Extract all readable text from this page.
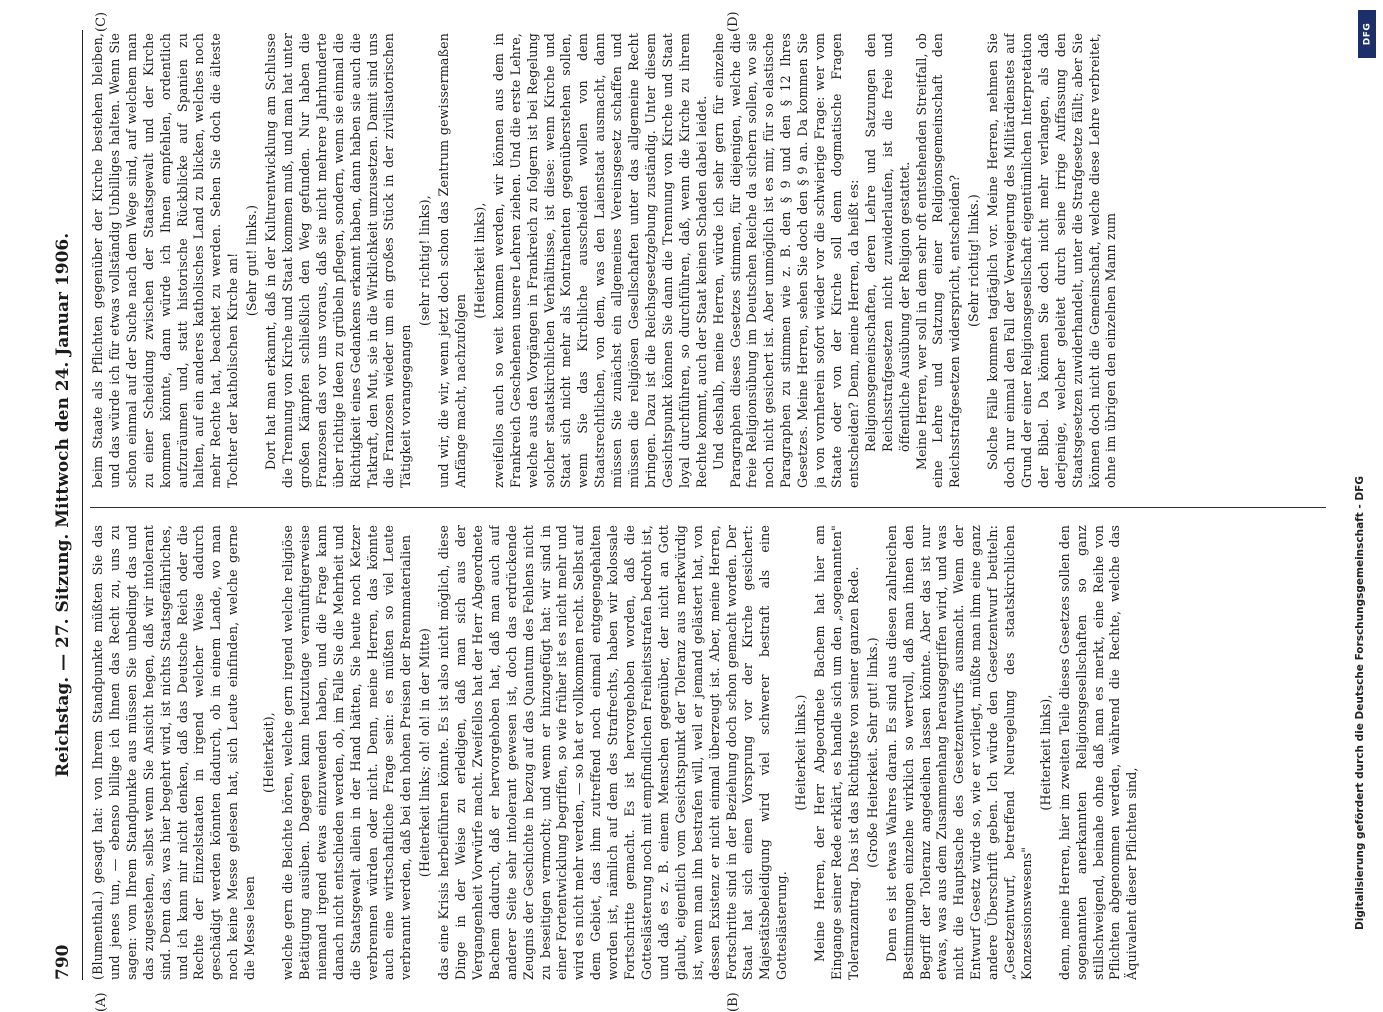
DFG
Digitalisierung gefördert durch die Deutsche Forschungsgemeinschaft - DFG
790
Reichstag. — 27. Sitzung. Mittwoch den 24. Januar 1906.
(A)	(B)
(C)	(D)

(Blumenthal.) gesagt hat: von Ihrem Standpunkte müßten Sie das und jenes tun, — ebenso billige ich Ihnen das Recht zu, uns zu sagen: vom Ihrem Standpunkte aus müssen Sie unbedingt das und das zugestehen, selbst wenn Sie Ansicht hegen, daß wir intolerant sind. Denn das, was hier begehrt wird, ist nichts Staatsgefährliches, und ich kann mir nicht denken, daß das Deutsche Reich oder die Rechte der Einzelstaaten in irgend welcher Weise dadurch geschädigt werden könnten dadurch, ob in einem Lande, wo man noch keine Messe gelesen hat, sich Leute einfinden, welche gerne die Messe lesen

(Heiterkeit), welche gern die Beichte hören, welche gern irgend welche religiöse Betätigung ausüben. Dagegen kann heutzutage vernünftigerweise niemand irgend etwas einzuwenden haben, und die Frage kann danach nicht entschieden werden, ob, im Falle Sie die Mehrheit und die Staatsgewalt allein in der Hand hätten, Sie heute noch Ketzer verbrennen würden oder nicht. Denn, meine Herren, das könnte auch eine wirtschaftliche Frage sein: es müßten so viel Leute verbrannt werden, daß bei den hohen Preisen der Brennmaterialien (Heiterkeit links; oh! oh! in der Mitte) das eine Krisis herbeiführen könnte. Es ist also nicht möglich, diese Dinge in der Weise zu erledigen, daß man sich aus der Vergangenheit Vorwürfe macht. Zweifellos hat der Herr Abgeordnete Bachem dadurch, daß er hervorgehoben hat, daß man auch auf anderer Seite sehr intolerant gewesen ist, doch das erdrückende Zeugnis der Geschichte in bezug auf das Quantum des Fehlens nicht zu beseitigen vermocht; und wenn er hinzugefügt hat: wir sind in einer Fortentwicklung begriffen, so wie früher ist es nicht mehr und wird es nicht mehr werden, — so hat er vollkommen recht. Selbst auf dem Gebiet, das ihm zutreffend noch einmal entgegengehalten worden ist, nämlich auf dem des Strafrechts, haben wir kolossale Fortschritte gemacht. Es ist hervorgehoben worden, daß die Gotteslästerung noch mit empfindlichen Freiheitsstrafen bedroht ist, und daß es z. B. einem Menschen gegenüber, der nicht an Gott glaubt, eigentlich vom Gesichtspunkt der Toleranz aus merkwürdig ist, wenn man ihn bestrafen will, weil er jemand gelästert hat, von dessen Existenz er nicht einmal überzeugt ist. Aber, meine Herren, Fortschritte sind in der Beziehung doch schon gemacht worden. Der Staat hat sich einen Vorsprung vor der Kirche gesichert: Majestätsbeleidigung wird viel schwerer bestraft als eine Gotteslästerung.

(Heiterkeit links.) Meine Herren, der Herr Abgeordnete Bachem hat hier am Eingange seiner Rede erklärt, es handle sich um den „sogenannten" Toleranzantrag. Das ist das Richtigste von seiner ganzen Rede. (Große Heiterkeit. Sehr gut! links.) Denn es ist etwas Wahres daran. Es sind aus diesen zahlreichen Bestimmungen einzelne wirklich so wertvoll, daß man ihnen den Begriff der Toleranz angedeihen lassen könnte. Aber das ist nur etwas, was aus dem Zusammenhang herausgegriffen wird, und was nicht die Hauptsache des Gesetzentwurfs ausmacht. Wenn der Entwurf Gesetz würde so, wie er vorliegt, müßte man ihm eine ganz andere Überschrift geben. Ich würde den Gesetzentwurf betiteln: „Gesetzentwurf, betreffend Neuregelung des staatskirchlichen Konzessionswesens"

(Heiterkeit links), denn, meine Herren, hier im zweiten Teile dieses Gesetzes sollen den sogenannten anerkannten Religionsgesellschaften so ganz stillschweigend, beinahe ohne daß man es merkt, eine Reihe von Pflichten abgenommen werden, während die Rechte, welche das Äquivalent dieser Pflichten sind,

beim Staate als Pflichten gegenüber der Kirche bestehen bleiben, und das würde ich für etwas vollständig Unbilliges halten. Wenn Sie schon einmal auf der Suche nach dem Wege sind, auf welchem man zu einer Scheidung zwischen der Staatsgewalt und der Kirche kommen könnte, dann würde ich Ihnen empfehlen, ordentlich aufzuräumen und, statt historische Rückblicke auf Spanien zu halten, auf ein anderes katholisches Land zu blicken, welches noch mehr Rechte hat, beachtet zu werden. Sehen Sie doch die älteste Tochter der katholischen Kirche an! (Sehr gut! links.) Dort hat man erkannt, daß in der Kulturentwicklung am Schlusse die Trennung von Kirche und Staat kommen muß, und man hat unter großen Kämpfen schließlich den Weg gefunden. Nur haben die Franzosen das vor uns voraus, daß sie nicht mehrere Jahrhunderte über richtige Ideen zu grübeln pflegen, sondern, wenn sie einmal die Richtigkeit eines Gedankens erkannt haben, dann haben sie auch die Tatkraft, den Mut, sie in die Wirklichkeit umzusetzen. Damit sind uns die Franzosen wieder um ein großes Stück in der zivilisatorischen Tätigkeit vorangegangen

(sehr richtig! links), und wir, die wir, wenn jetzt doch schon das Zentrum gewissermaßen Anfänge macht, nachzufolgen

(Heiterkeit links), zweifellos auch so weit kommen werden, wir können aus dem in Frankreich Geschehenen unsere Lehren ziehen. Und die erste Lehre, welche aus den Vorgängen in Frankreich zu folgern ist bei Regelung solcher staatskirchlichen Verhältnisse, ist diese: wenn Kirche und Staat sich nicht mehr als Kontrahenten gegenüberstehen sollen, wenn Sie das Kirchliche ausscheiden wollen von dem Staatsrechtlichen, von dem, was den Laienstaat ausmacht, dann müssen Sie zunächst ein allgemeines Vereinsgesetz schaffen und müssen die religiösen Gesellschaften unter das allgemeine Recht bringen. Dazu ist die Reichsgesetzgebung zuständig. Unter diesem Gesichtspunkt können Sie dann die Trennung von Kirche und Staat loyal durchführen, so durchführen, daß, wenn die Kirche zu ihrem Rechte kommt, auch der Staat keinen Schaden dabei leidet. Und deshalb, meine Herren, würde ich sehr gern für einzelne Paragraphen dieses Gesetzes stimmen, für diejenigen, welche die freie Religionsübung im Deutschen Reiche da sichern sollen, wo sie noch nicht gesichert ist. Aber unmöglich ist es mir, für so elastische Paragraphen zu stimmen wie z. B. den § 9 und den § 12 Ihres Gesetzes. Meine Herren, sehen Sie doch den § 9 an. Da kommen Sie ja von vornherein sofort wieder vor die schwierige Frage: wer vom Staate oder von der Kirche soll denn dogmatische Fragen entscheiden? Denn, meine Herren, da heißt es: Religionsgemeinschaften, deren Lehre und Satzungen den Reichsstrafgesetzen nicht zuwiderlaufen, ist die freie und öffentliche Ausübung der Religion gestattet. Meine Herren, wer soll in dem sehr oft entstehenden Streitfall, ob eine Lehre und Satzung einer Religionsgemeinschaft den Reichsstrafgesetzen widerspricht, entscheiden? (Sehr richtig! links.) Solche Fälle kommen tagtäglich vor. Meine Herren, nehmen Sie doch nur einmal den Fall der Verweigerung des Militärdienstes auf Grund der einer Religionsgesellschaft eigentümlichen Interpretation der Bibel. Da können Sie doch nicht mehr verlangen, als daß derjenige, welcher geleitet durch seine irrige Auffassung den Staatsgesetzen zuwiderhandelt, unter die Strafgesetze fällt; aber Sie können doch nicht die Gemeinschaft, welche diese Lehre verbreitet, ohne im übrigen den einzelnen Mann zum
